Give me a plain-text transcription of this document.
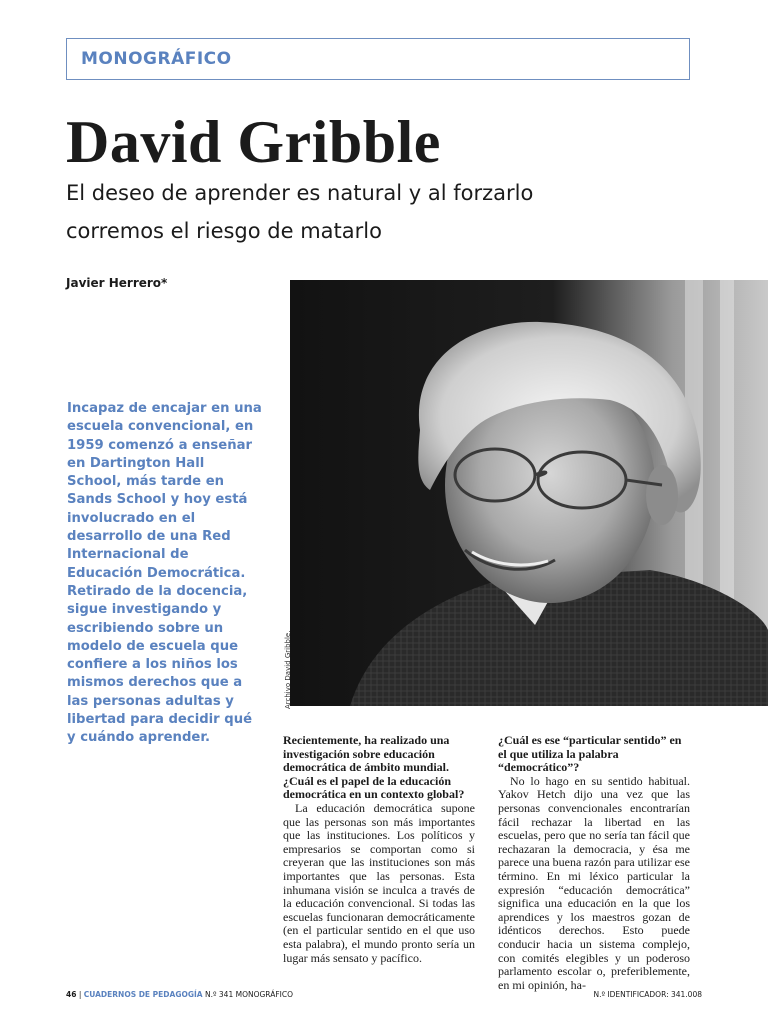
MONOGRÁFICO
David Gribble
El deseo de aprender es natural y al forzarlo corremos el riesgo de matarlo
Javier Herrero*

Incapaz de encajar en una escuela convencional, en 1959 comenzó a enseñar en Dartington Hall School, más tarde en Sands School y hoy está involucrado en el desarrollo de una Red Internacional de Educación Democrática. Retirado de la docencia, sigue investigando y escribiendo sobre un modelo de escuela que confiere a los niños los mismos derechos que a las personas adultas y libertad para decidir qué y cuándo aprender.

Archivo David Gribble.

Recientemente, ha realizado una investigación sobre educación democrática de ámbito mundial. ¿Cuál es el papel de la educación democrática en un contexto global?

La educación democrática supone que las personas son más importantes que las instituciones. Los políticos y empresarios se comportan como si creyeran que las instituciones son más importantes que las personas. Esta inhumana visión se inculca a través de la educación convencional. Si todas las escuelas funcionaran democráticamente (en el particular sentido en el que uso esta palabra), el mundo pronto sería un lugar más sensato y pacífico.

¿Cuál es ese “particular sentido” en el que utiliza la palabra “democrático”?

No lo hago en su sentido habitual. Yakov Hetch dijo una vez que las personas convencionales encontrarían fácil rechazar la libertad en las escuelas, pero que no sería tan fácil que rechazaran la democracia, y ésa me parece una buena razón para utilizar ese término. En mi léxico particular la expresión “educación democrática” significa una educación en la que los aprendices y los maestros gozan de idénticos derechos. Esto puede conducir hacia un sistema complejo, con comités elegibles y un poderoso parlamento escolar o, preferiblemente, en mi opinión, ha-

46 | CUADERNOS DE PEDAGOGÍA N.º 341 MONOGRÁFICO	N.º IDENTIFICADOR: 341.008
